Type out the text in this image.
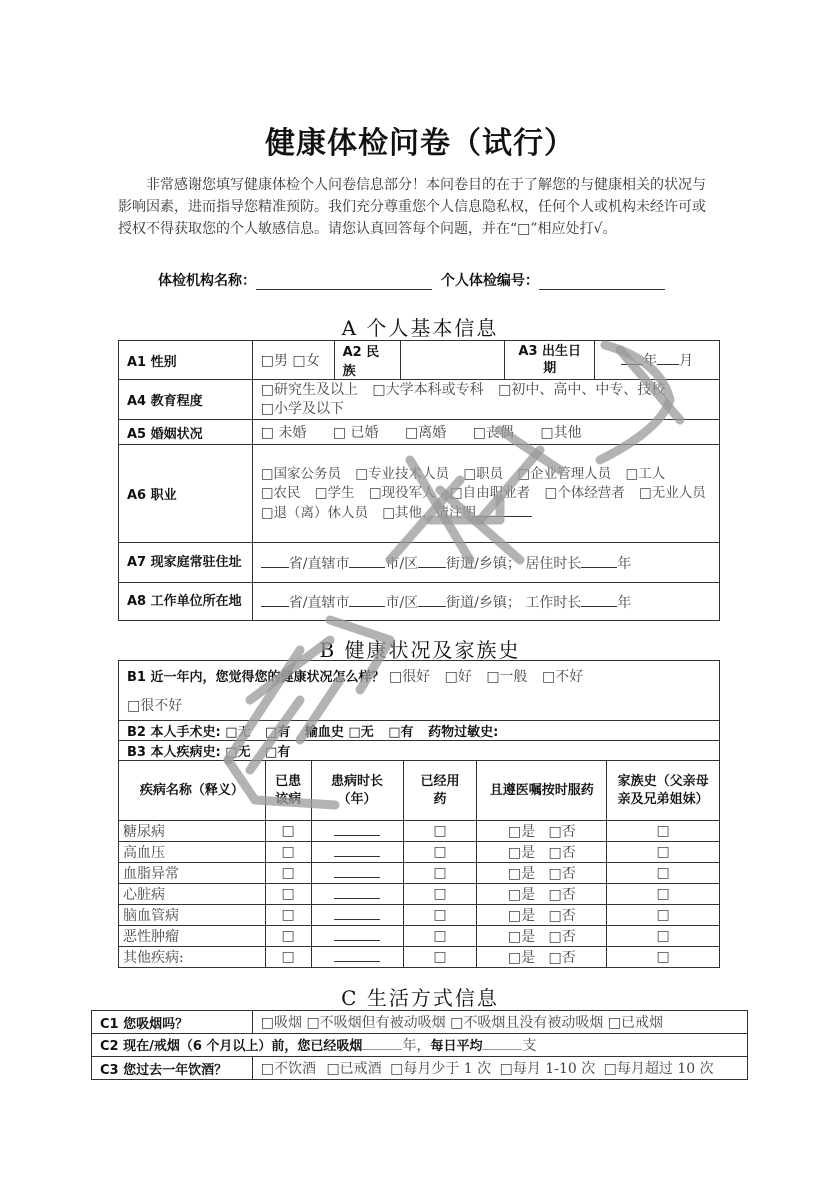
健康体检问卷（试行）
非常感谢您填写健康体检个人问卷信息部分！本问卷目的在于了解您的与健康相关的状况与影响因素，进而指导您精准预防。我们充分尊重您个人信息隐私权，任何个人或机构未经许可或授权不得获取您的个人敏感信息。请您认真回答每个问题，并在“□”相应处打√。
体检机构名称：	个人体检编号：
A 个人基本信息
A1 性别	□男 □女	A2 民族		A3 出生日期	年 月
A4 教育程度	□研究生及以上 □大学本科或专科 □初中、高中、中专、技校
□小学及以下				
A5 婚姻状况	□ 未婚 □ 已婚 □离婚 □丧偶 □其他				
A6 职业	□国家公务员 □专业技术人员 □职员 □企业管理人员 □工人
□农民 □学生 □现役军人 □自由职业者 □个体经营者 □无业人员 □退（离）休人员 □其他，请注明				
A7 现家庭常驻住址	省/直辖市 市/区 街道/乡镇； 居住时长 年				
A8 工作单位所在地	省/直辖市 市/区 街道/乡镇； 工作时长 年				
B 健康状况及家族史
B1 近一年内，您觉得您的健康状况怎么样？ □很好 □好 □一般 □不好
□很不好					
B2 本人手术史: □无 □有 输血史 □无 □有 药物过敏史:					
B3 本人疾病史: □无 □有					
疾病名称（释义）	已患该病	患病时长（年）	已经用药	且遵医嘱按时服药	家族史（父亲母亲及兄弟姐妹）
糖尿病	□		□	□是 □否	□
高血压	□		□	□是 □否	□
血脂异常	□		□	□是 □否	□
心脏病	□		□	□是 □否	□
脑血管病	□		□	□是 □否	□
恶性肿瘤	□		□	□是 □否	□
其他疾病:	□		□	□是 □否	□
C 生活方式信息
C1 您吸烟吗？	□吸烟 □不吸烟但有被动吸烟 □不吸烟且没有被动吸烟 □已戒烟
C2 现在/戒烟（6 个月以上）前，您已经吸烟 年，每日平均 支	
C3 您过去一年饮酒？	□不饮酒 □已戒酒 □每月少于 1 次 □每月 1-10 次 □每月超过 10 次
